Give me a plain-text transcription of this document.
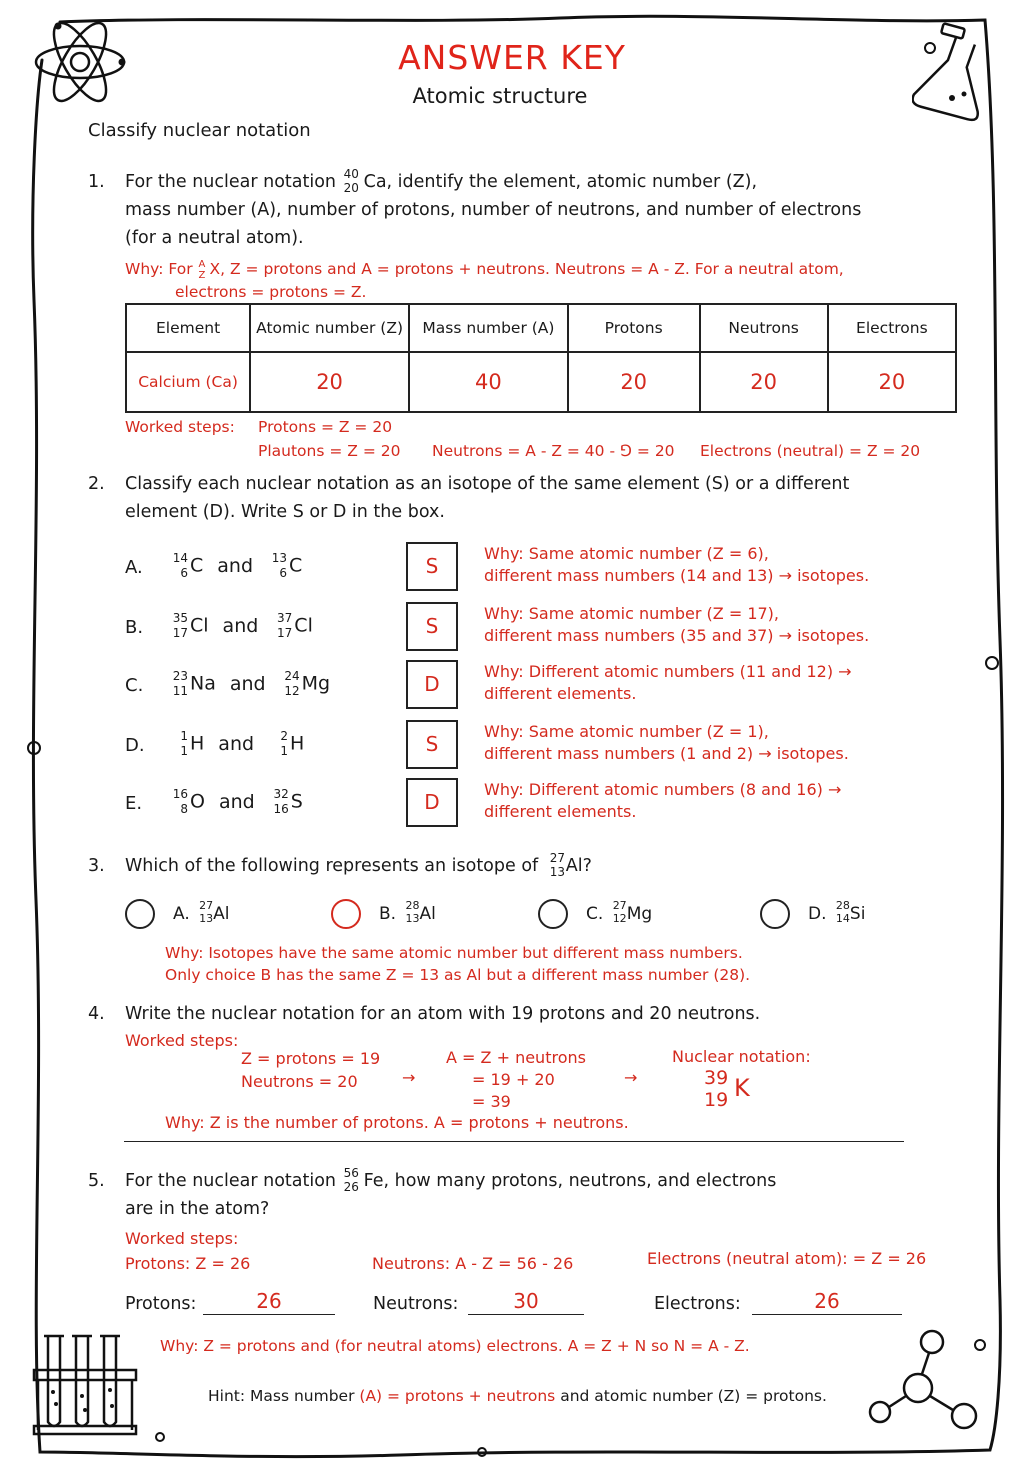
ANSWER KEY
Atomic structure
Classify nuclear notation
1. For the nuclear notation 40
20 Ca, identify the element, atomic number (Z),
mass number (A), number of protons, number of neutrons, and number of electrons
(for a neutral atom).
Why: For A
Z X, Z = protons and A = protons + neutrons. Neutrons = A - Z. For a neutral atom,
electrons = protons = Z.
Element	Atomic number (Z)	Mass number (A)	Protons	Neutrons	Electrons
Calcium (Ca)	20	40	20	20	20
Worked steps: Protons = Z = 20
Plautons = Z = 20 Neutrons = A - Z = 40 - ⅁ = 20 Electrons (neutral) = Z = 20
2. Classify each nuclear notation as an isotope of the same element (S) or a different
element (D). Write S or D in the box.
A.	14
6 C and 13
6 C	S
Why: Same atomic number (Z = 6),
different mass numbers (14 and 13) → isotopes.
B. 35
17 Cl and 37
17 Cl	S
Why: Same atomic number (Z = 17),
different mass numbers (35 and 37) → isotopes.
C. 23
11 Na and 24
12 Mg	D
Why: Different atomic numbers (11 and 12) →
different elements.
D.	1
1 H and 2
1 H	S
Why: Same atomic number (Z = 1),
different mass numbers (1 and 2) → isotopes.
E.	16
8 O and 32
16 S	D
Why: Different atomic numbers (8 and 16) →
different elements.
3. Which of the following represents an isotope of 27
13 Al?
A. 27
13 Al	B. 28
13 Al	C. 27
12 Mg	D. 28
14 Si
Why: Isotopes have the same atomic number but different mass numbers.
Only choice B has the same Z = 13 as Al but a different mass number (28).
4. Write the nuclear notation for an atom with 19 protons and 20 neutrons.
Worked steps:
Z = protons = 19
Neutrons = 20	→
A = Z + neutrons
= 19 + 20
= 39
→
Nuclear notation:
39
19 K
Why: Z is the number of protons. A = protons + neutrons.
5. For the nuclear notation 56
26 Fe, how many protons, neutrons, and electrons
are in the atom?
Worked steps:
Protons: Z = 26	Neutrons: A - Z = 56 - 26	Electrons (neutral atom): = Z = 26
Protons:	26	Neutrons:	30	Electrons:	26
Why: Z = protons and (for neutral atoms) electrons. A = Z + N so N = A - Z.
Hint: Mass number (A) = protons + neutrons and atomic number (Z) = protons.
